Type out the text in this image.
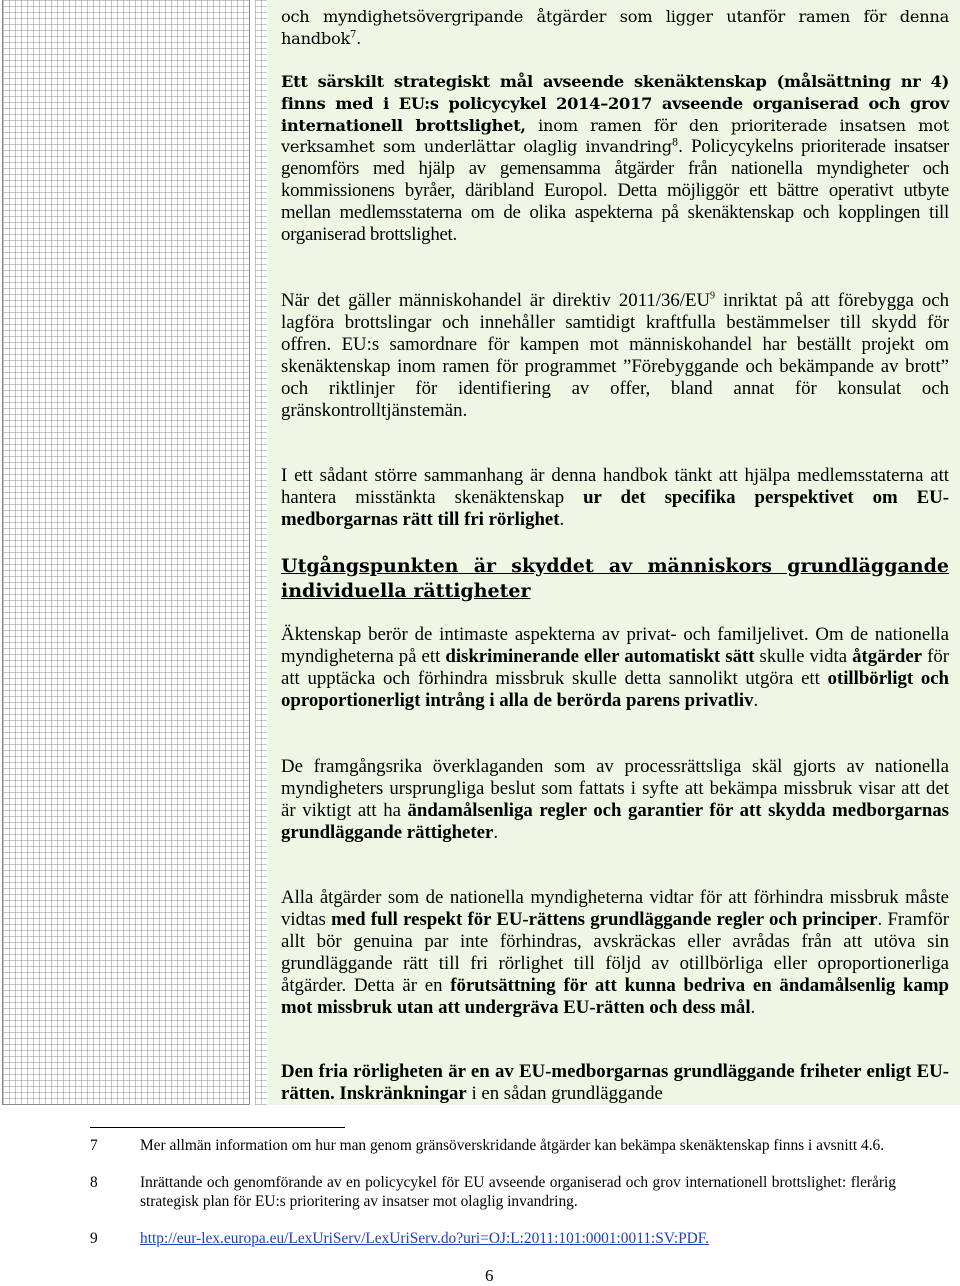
och myndighetsövergripande åtgärder som ligger utanför ramen för denna handbok$^7$.

Ett särskilt strategiskt mål avseende skenäktenskap (målsättning nr 4) finns med i EU:s policycykel 2014–2017 avseende organiserad och grov internationell brottslighet, inom ramen för den prioriterade insatsen mot verksamhet som underlättar olaglig invandring$^8$. Policycykelns prioriterade insatser genomförs med hjälp av gemensamma åtgärder från nationella myndigheter och kommissionens byråer, däribland Europol. Detta möjliggör ett bättre operativt utbyte mellan medlemsstaterna om de olika aspekterna på skenäktenskap och kopplingen till organiserad brottslighet.

När det gäller människohandel är direktiv $2011/36/EU^9$ inriktat på att förebygga och lagföra brottslingar och innehåller samtidigt kraftfulla bestämmelser till skydd för offren. EU:s samordnare för kampen mot människohandel har beställt projekt om skenäktenskap inom ramen för programmet ”Förebyggande och bekämpande av brott” och riktlinjer för identifiering av offer, bland annat för konsulat och gränskontrolltjänstemän.

I ett sådant större sammanhang är denna handbok tänkt att hjälpa medlemsstaterna att hantera misstänkta skenäktenskap ur det specifika perspektivet om EU-medborgarnas rätt till fri rörlighet.

Utgångspunkten är skyddet av människors grundläggande individuella rättigheter

Äktenskap berör de intimaste aspekterna av privat- och familjelivet. Om de nationella myndigheterna på ett diskriminerande eller automatiskt sätt skulle vidta åtgärder för att upptäcka och förhindra missbruk skulle detta sannolikt utgöra ett otillbörligt och oproportionerligt intrång i alla de berörda parens privatliv.

De framgångsrika överklaganden som av processrättsliga skäl gjorts av nationella myndigheters ursprungliga beslut som fattats i syfte att bekämpa missbruk visar att det är viktigt att ha ändamålsenliga regler och garantier för att skydda medborgarnas grundläggande rättigheter.

Alla åtgärder som de nationella myndigheterna vidtar för att förhindra missbruk måste vidtas med full respekt för EU-rättens grundläggande regler och principer. Framför allt bör genuina par inte förhindras, avskräckas eller avrådas från att utöva sin grundläggande rätt till fri rörlighet till följd av otillbörliga eller oproportionerliga åtgärder. Detta är en förutsättning för att kunna bedriva en ändamålsenlig kamp mot missbruk utan att undergräva EU-rätten och dess mål.

Den fria rörligheten är en av EU-medborgarnas grundläggande friheter enligt EU-rätten. Inskränkningar i en sådan grundläggande

7	Mer allmän information om hur man genom gränsöverskridande åtgärder kan bekämpa skenäktenskap finns i avsnitt 4.6.
8	Inrättande och genomförande av en policycykel för EU avseende organiserad och grov internationell brottslighet: flerårig strategisk plan för EU:s prioritering av insatser mot olaglig invandring.
9	http://eur-lex.europa.eu/LexUriServ/LexUriServ.do?uri=OJ:L:2011:101:0001:0011:SV:PDF.
6
